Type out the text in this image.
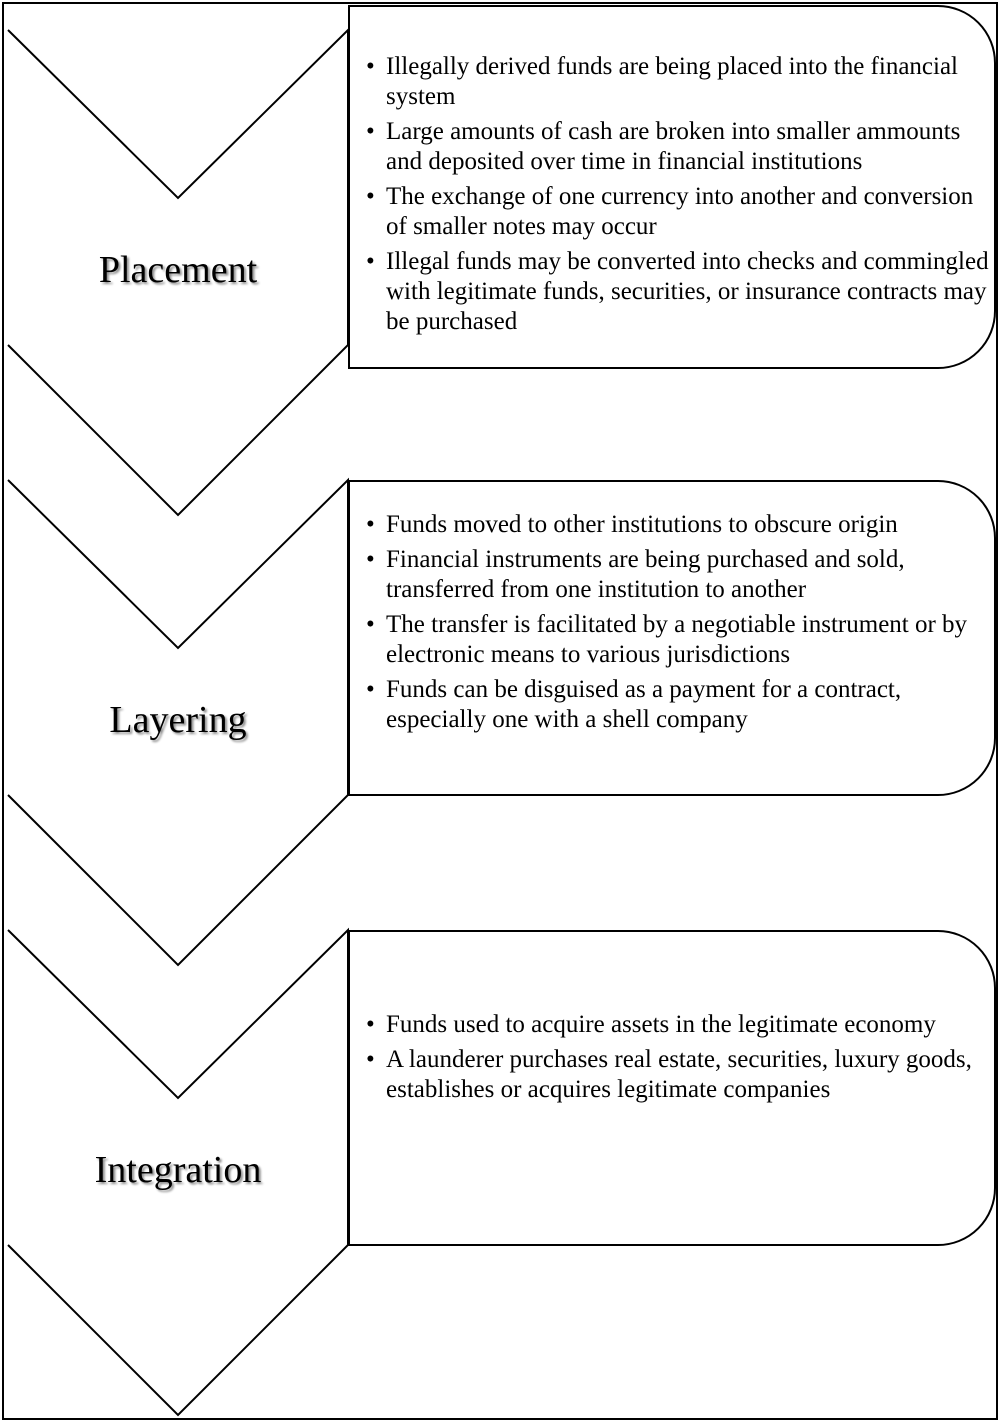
Placement
• Illegally derived funds are being placed into the financial system
• Large amounts of cash are broken into smaller ammounts and deposited over time in financial institutions
• The exchange of one currency into another and conversion of smaller notes may occur
• Illegal funds may be converted into checks and commingled with legitimate funds, securities, or insurance contracts may be purchased
Layering
• Funds moved to other institutions to obscure origin
• Financial instruments are being purchased and sold, transferred from one institution to another
• The transfer is facilitated by a negotiable instrument or by electronic means to various jurisdictions
• Funds can be disguised as a payment for a contract, especially one with a shell company
Integration
• Funds used to acquire assets in the legitimate economy
• A launderer purchases real estate, securities, luxury goods, establishes or acquires legitimate companies
